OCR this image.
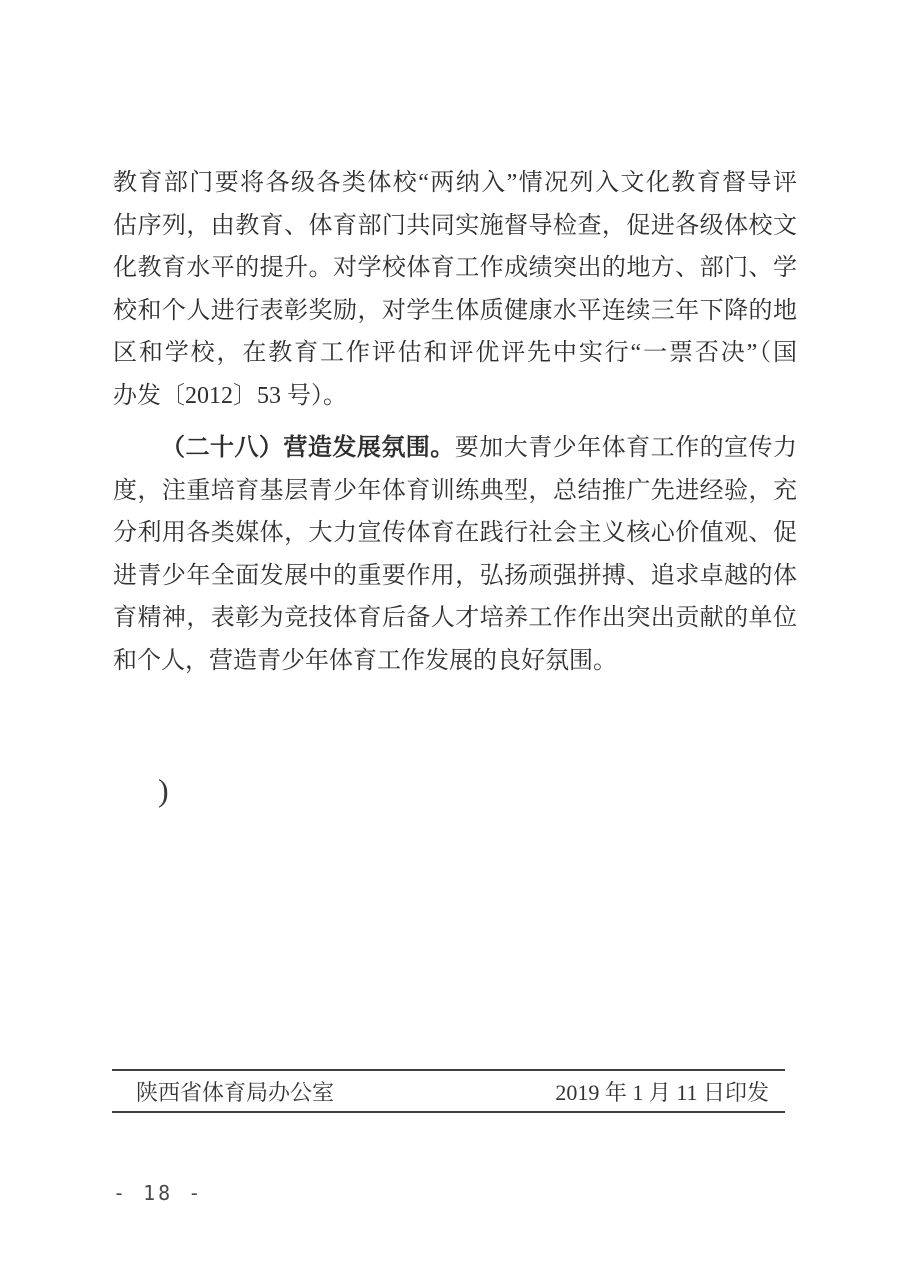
教育部门要将各级各类体校“两纳入”情况列入文化教育督导评
估序列，由教育、体育部门共同实施督导检查，促进各级体校文
化教育水平的提升。对学校体育工作成绩突出的地方、部门、学
校和个人进行表彰奖励，对学生体质健康水平连续三年下降的地
区和学校，在教育工作评估和评优评先中实行“一票否决”（国
办发〔2012〕53 号）。
（二十八）营造发展氛围。要加大青少年体育工作的宣传力
度，注重培育基层青少年体育训练典型，总结推广先进经验，充
分利用各类媒体，大力宣传体育在践行社会主义核心价值观、促
进青少年全面发展中的重要作用，弘扬顽强拼搏、追求卓越的体
育精神，表彰为竞技体育后备人才培养工作作出突出贡献的单位
和个人，营造青少年体育工作发展的良好氛围。
)
陕西省体育局办公室	2019 年 1 月 11 日印发
- 18 -
